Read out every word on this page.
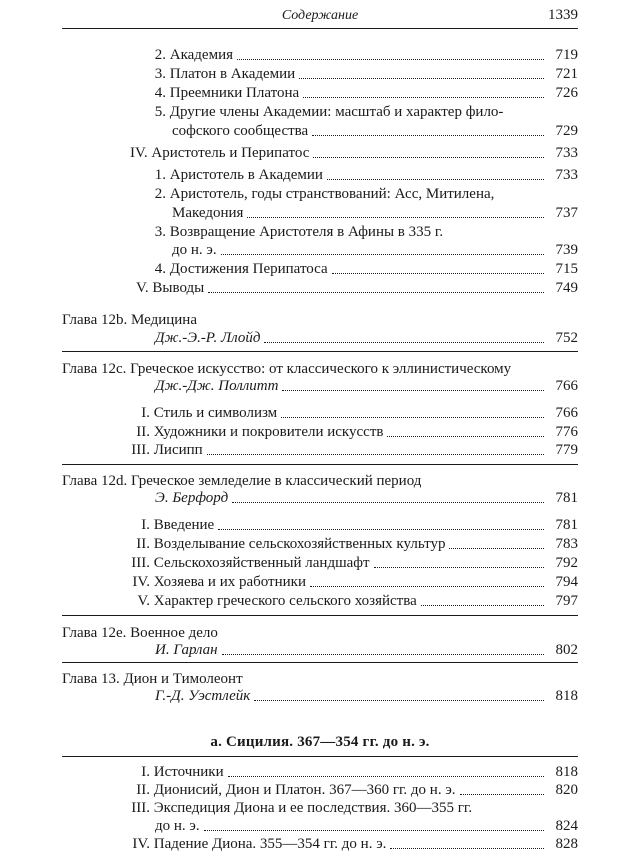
Содержание	1339
2. Академия	719
3. Платон в Академии	721
4. Преемники Платона	726
5. Другие члены Академии: масштаб и характер фило-
софского сообщества	729
IV. Аристотель и Перипатос	733
1. Аристотель в Академии	733
2. Аристотель, годы странствований: Асс, Митилена,
Македония	737
3. Возвращение Аристотеля в Афины в 335 г.
до н. э.	739
4. Достижения Перипатоса	715
V. Выводы	749
Глава 12b. Медицина
Дж.-Э.-Р. Ллойд	752
Глава 12c. Греческое искусство: от классического к эллинистическому
Дж.-Дж. Поллитт	766
I. Стиль и символизм	766
II. Художники и покровители искусств	776
III. Лисипп	779
Глава 12d. Греческое земледелие в классический период
Э. Берфорд	781
I. Введение	781
II. Возделывание сельскохозяйственных культур	783
III. Сельскохозяйственный ландшафт	792
IV. Хозяева и их работники	794
V. Характер греческого сельского хозяйства	797
Глава 12e. Военное дело
И. Гарлан	802
Глава 13. Дион и Тимолеонт
Г.-Д. Уэстлейк	818
a. Сицилия. 367—354 гг. до н. э.
I. Источники	818
II. Дионисий, Дион и Платон. 367—360 гг. до н. э.	820
III. Экспедиция Диона и ее последствия. 360—355 гг.
до н. э.	824
IV. Падение Диона. 355—354 гг. до н. э.	828
